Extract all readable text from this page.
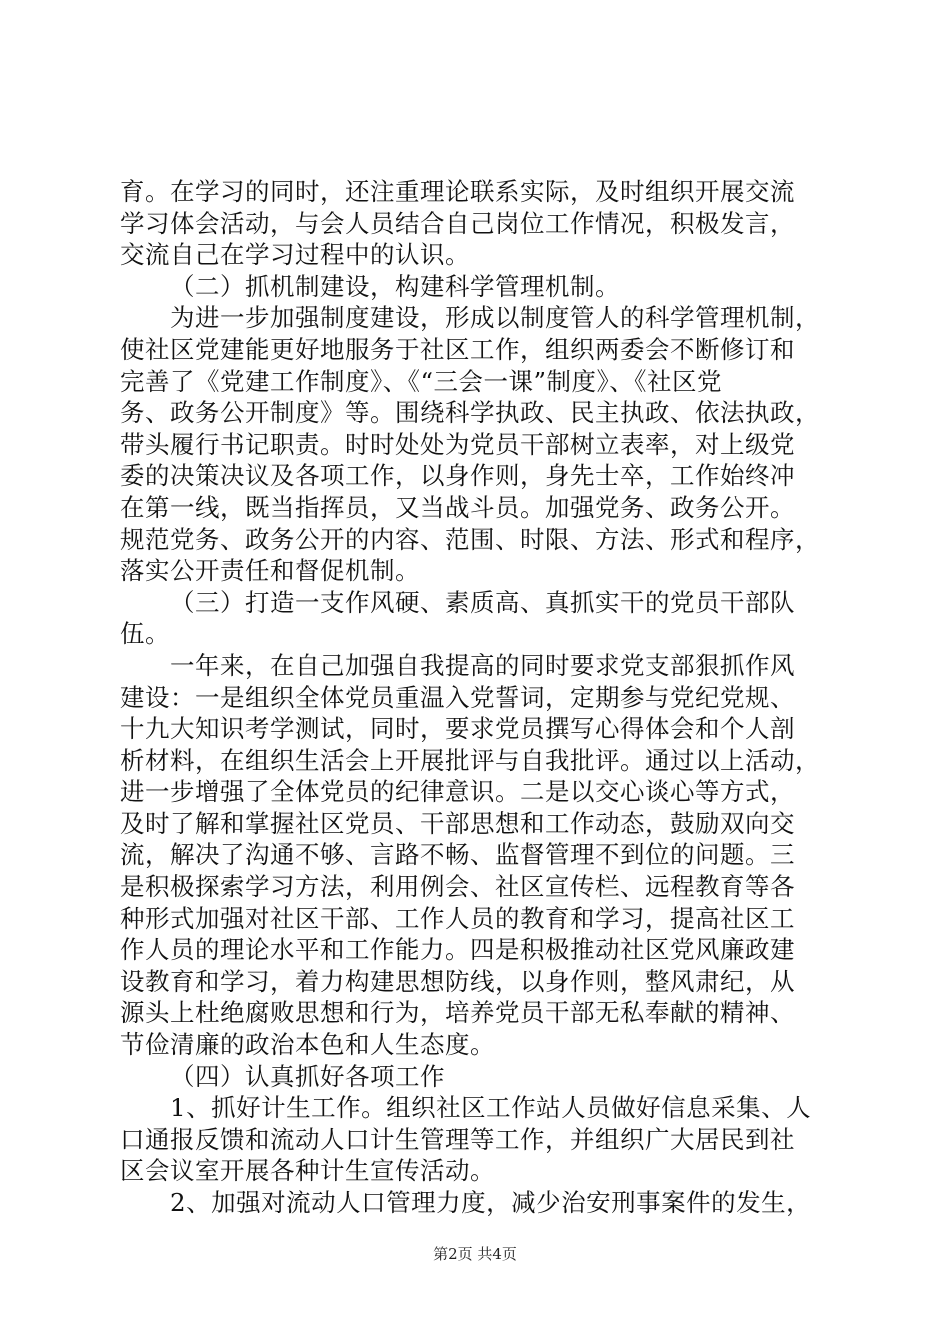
育。在学习的同时，还注重理论联系实际，及时组织开展交流
学习体会活动，与会人员结合自己岗位工作情况，积极发言，
交流自己在学习过程中的认识。
（二）抓机制建设，构建科学管理机制。
为进一步加强制度建设，形成以制度管人的科学管理机制，
使社区党建能更好地服务于社区工作，组织两委会不断修订和
完善了《党建工作制度》、《“三会一课”制度》、《社区党
务、政务公开制度》等。围绕科学执政、民主执政、依法执政，
带头履行书记职责。时时处处为党员干部树立表率，对上级党
委的决策决议及各项工作，以身作则，身先士卒，工作始终冲
在第一线，既当指挥员，又当战斗员。加强党务、政务公开。
规范党务、政务公开的内容、范围、时限、方法、形式和程序，
落实公开责任和督促机制。
（三）打造一支作风硬、素质高、真抓实干的党员干部队
伍。
一年来，在自己加强自我提高的同时要求党支部狠抓作风
建设：一是组织全体党员重温入党誓词，定期参与党纪党规、
十九大知识考学测试，同时，要求党员撰写心得体会和个人剖
析材料，在组织生活会上开展批评与自我批评。通过以上活动，
进一步增强了全体党员的纪律意识。二是以交心谈心等方式，
及时了解和掌握社区党员、干部思想和工作动态，鼓励双向交
流，解决了沟通不够、言路不畅、监督管理不到位的问题。三
是积极探索学习方法，利用例会、社区宣传栏、远程教育等各
种形式加强对社区干部、工作人员的教育和学习，提高社区工
作人员的理论水平和工作能力。四是积极推动社区党风廉政建
设教育和学习，着力构建思想防线，以身作则，整风肃纪，从
源头上杜绝腐败思想和行为，培养党员干部无私奉献的精神、
节俭清廉的政治本色和人生态度。
（四）认真抓好各项工作
1、抓好计生工作。组织社区工作站人员做好信息采集、人
口通报反馈和流动人口计生管理等工作，并组织广大居民到社
区会议室开展各种计生宣传活动。
2、加强对流动人口管理力度，减少治安刑事案件的发生，
第2页 共4页
